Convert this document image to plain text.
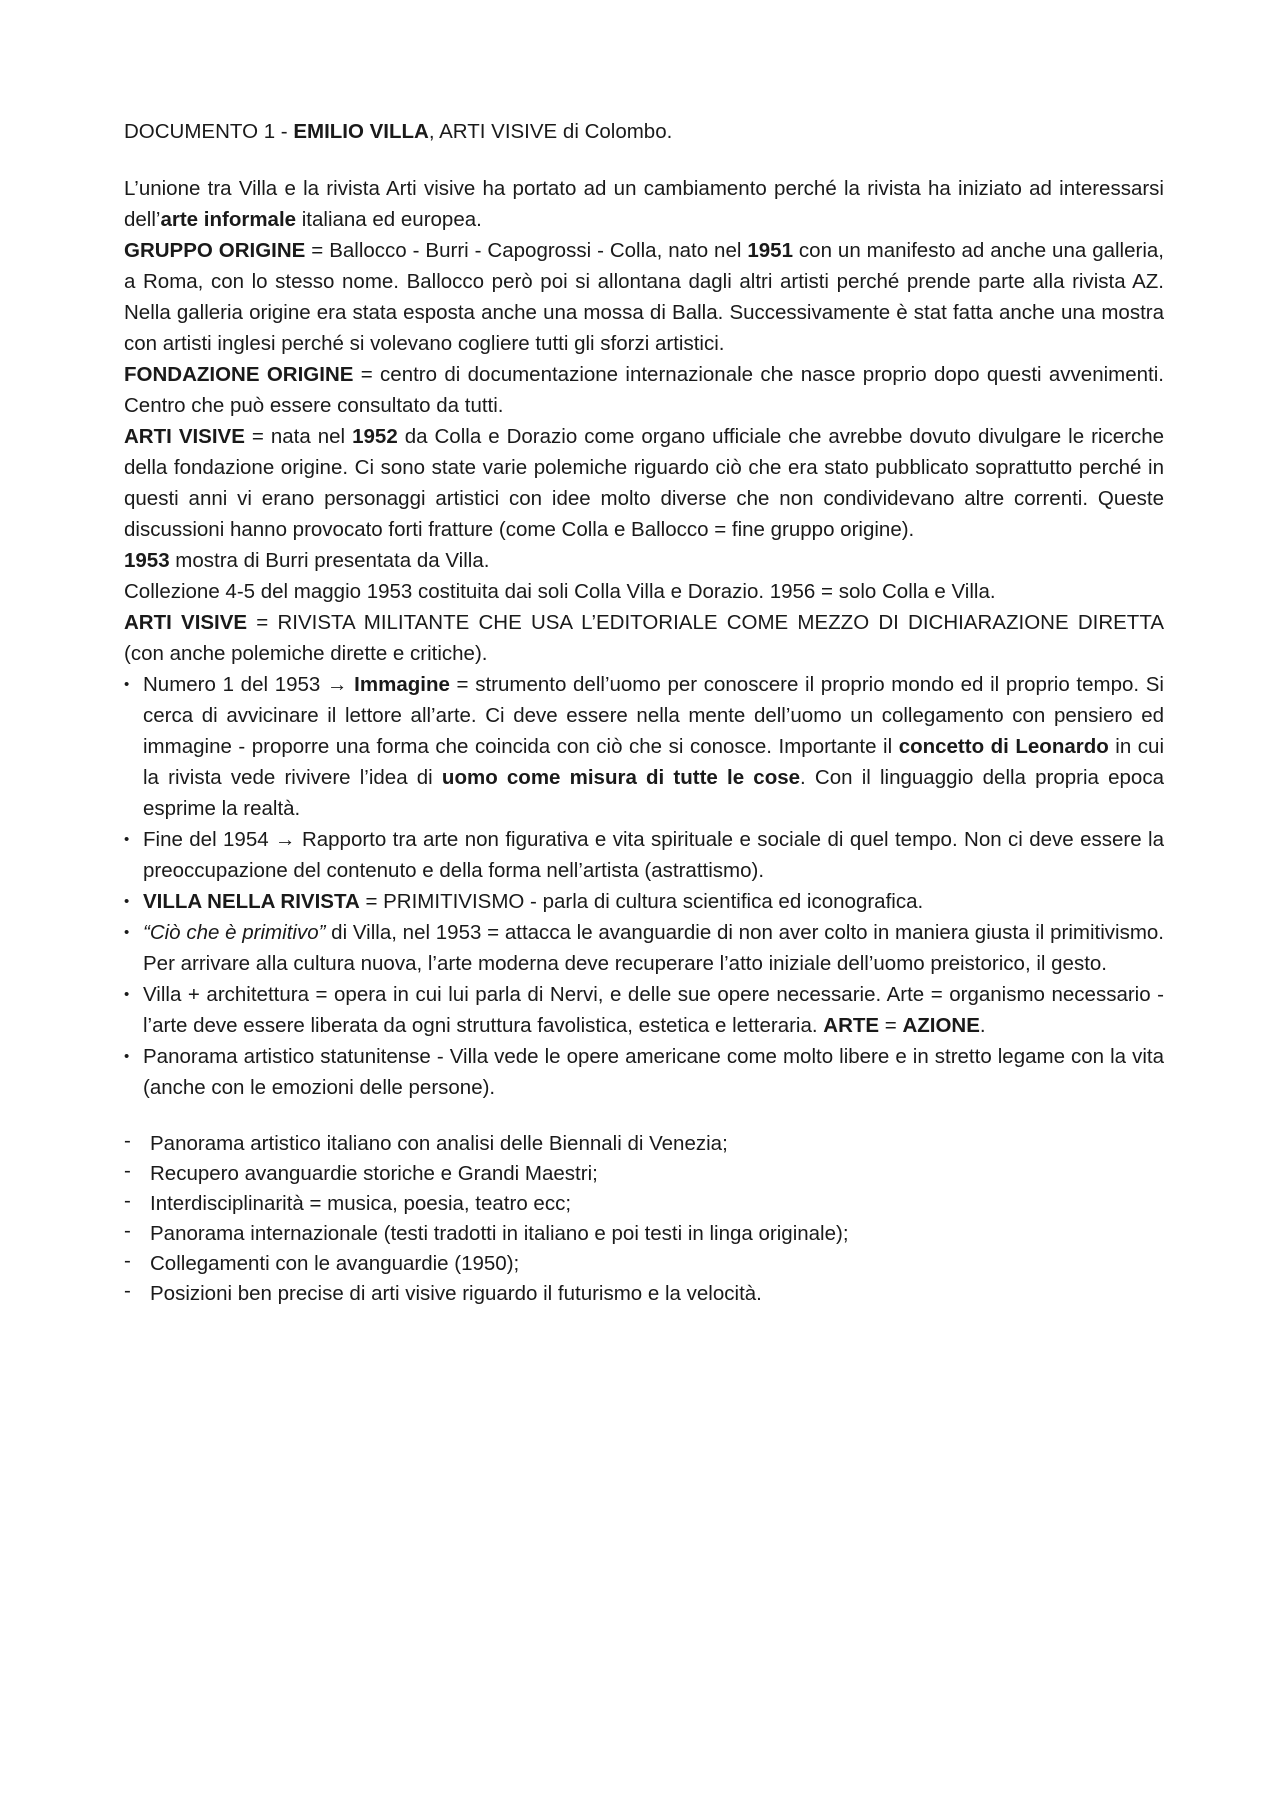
DOCUMENTO 1 - EMILIO VILLA, ARTI VISIVE di Colombo.

L’unione tra Villa e la rivista Arti visive ha portato ad un cambiamento perché la rivista ha iniziato ad interessarsi dell’arte informale italiana ed europea.

GRUPPO ORIGINE = Ballocco - Burri - Capogrossi - Colla, nato nel 1951 con un manifesto ad anche una galleria, a Roma, con lo stesso nome. Ballocco però poi si allontana dagli altri artisti perché prende parte alla rivista AZ. Nella galleria origine era stata esposta anche una mossa di Balla. Successivamente è stat fatta anche una mostra con artisti inglesi perché si volevano cogliere tutti gli sforzi artistici.

FONDAZIONE ORIGINE = centro di documentazione internazionale che nasce proprio dopo questi avvenimenti. Centro che può essere consultato da tutti.

ARTI VISIVE = nata nel 1952 da Colla e Dorazio come organo ufficiale che avrebbe dovuto divulgare le ricerche della fondazione origine. Ci sono state varie polemiche riguardo ciò che era stato pubblicato soprattutto perché in questi anni vi erano personaggi artistici con idee molto diverse che non condividevano altre correnti. Queste discussioni hanno provocato forti fratture (come Colla e Ballocco = fine gruppo origine).

1953 mostra di Burri presentata da Villa.

Collezione 4-5 del maggio 1953 costituita dai soli Colla Villa e Dorazio. 1956 = solo Colla e Villa.

ARTI VISIVE = RIVISTA MILITANTE CHE USA L’EDITORIALE COME MEZZO DI DICHIARAZIONE DIRETTA (con anche polemiche dirette e critiche).

• Numero 1 del 1953 → Immagine = strumento dell’uomo per conoscere il proprio mondo ed il proprio tempo. Si cerca di avvicinare il lettore all’arte. Ci deve essere nella mente dell’uomo un collegamento con pensiero ed immagine - proporre una forma che coincida con ciò che si conosce. Importante il concetto di Leonardo in cui la rivista vede rivivere l’idea di uomo come misura di tutte le cose. Con il linguaggio della propria epoca esprime la realtà.
• Fine del 1954 → Rapporto tra arte non figurativa e vita spirituale e sociale di quel tempo. Non ci deve essere la preoccupazione del contenuto e della forma nell’artista (astrattismo).
• VILLA NELLA RIVISTA = PRIMITIVISMO - parla di cultura scientifica ed iconografica.
• “Ciò che è primitivo” di Villa, nel 1953 = attacca le avanguardie di non aver colto in maniera giusta il primitivismo. Per arrivare alla cultura nuova, l’arte moderna deve recuperare l’atto iniziale dell’uomo preistorico, il gesto.
• Villa + architettura = opera in cui lui parla di Nervi, e delle sue opere necessarie. Arte = organismo necessario - l’arte deve essere liberata da ogni struttura favolistica, estetica e letteraria. ARTE = AZIONE.
• Panorama artistico statunitense - Villa vede le opere americane come molto libere e in stretto legame con la vita (anche con le emozioni delle persone).
- Panorama artistico italiano con analisi delle Biennali di Venezia;
- Recupero avanguardie storiche e Grandi Maestri;
- Interdisciplinarità = musica, poesia, teatro ecc;
- Panorama internazionale (testi tradotti in italiano e poi testi in linga originale);
- Collegamenti con le avanguardie (1950);
- Posizioni ben precise di arti visive riguardo il futurismo e la velocità.
